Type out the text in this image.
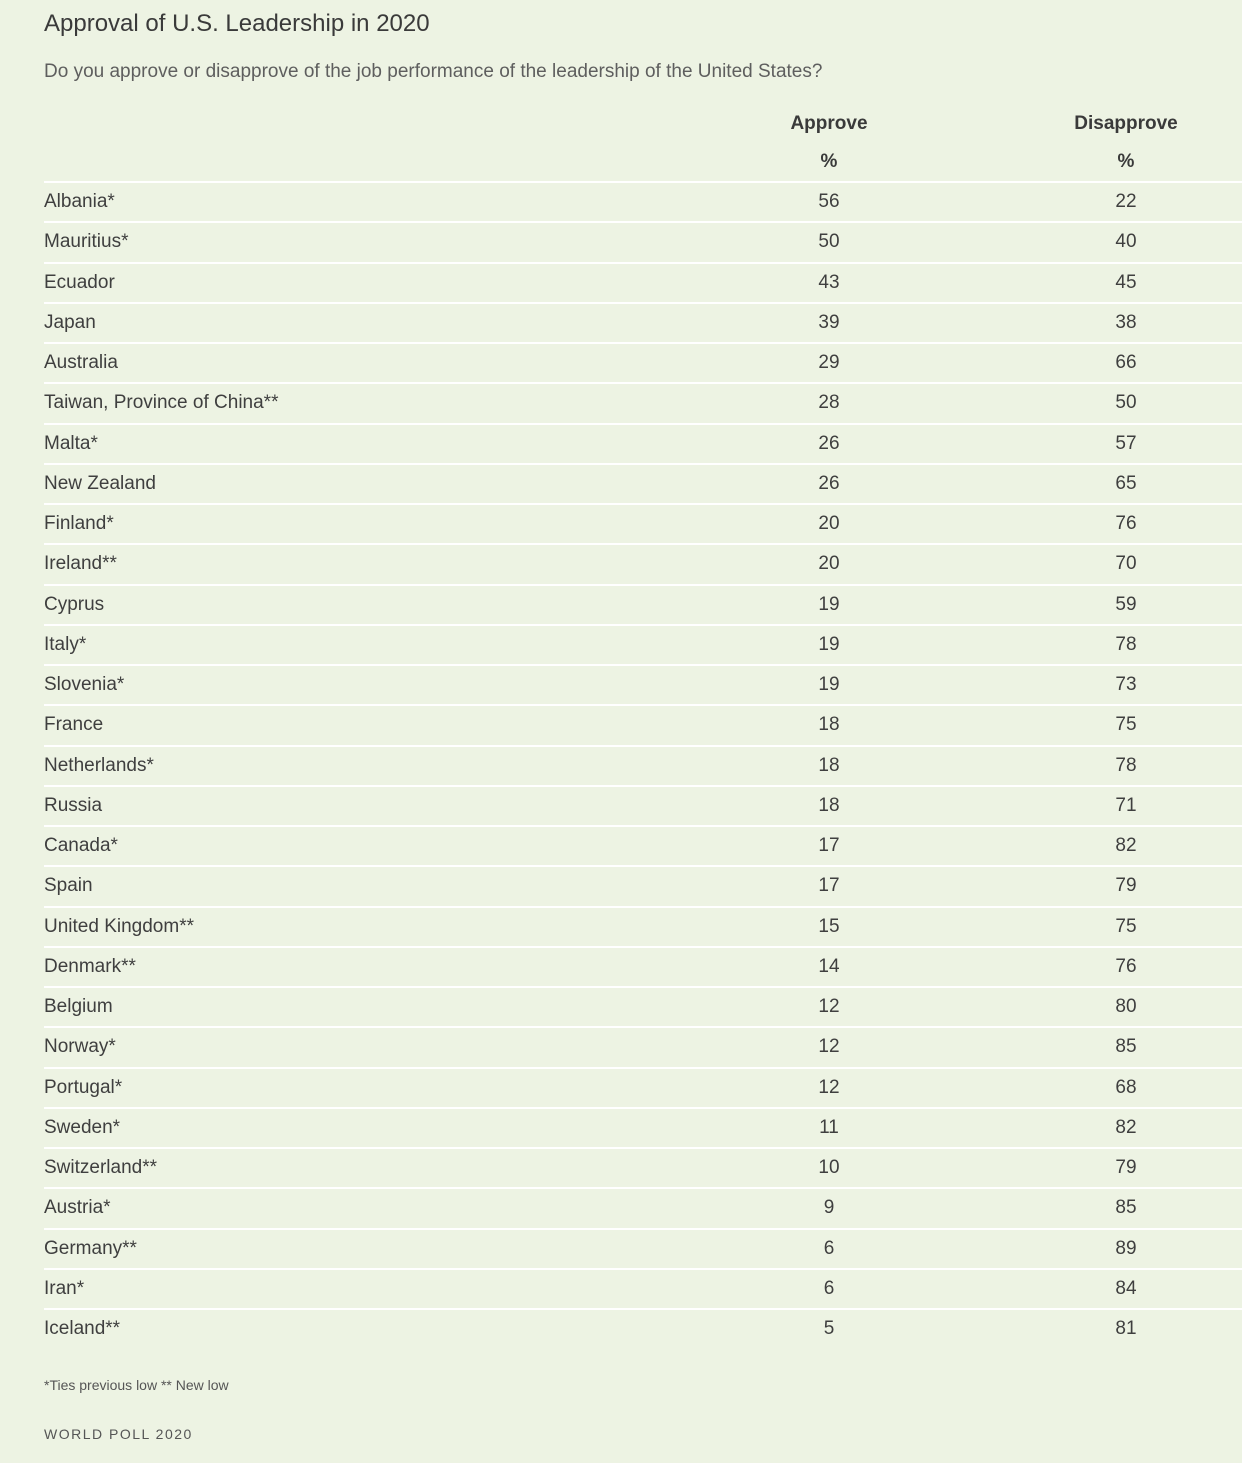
Approval of U.S. Leadership in 2020

Do you approve or disapprove of the job performance of the leadership of the United States?

Approve	Disapprove
%	%
Albania*	56	22
Mauritius*	50	40
Ecuador	43	45
Japan	39	38
Australia	29	66
Taiwan, Province of China**	28	50
Malta*	26	57
New Zealand	26	65
Finland*	20	76
Ireland**	20	70
Cyprus	19	59
Italy*	19	78
Slovenia*	19	73
France	18	75
Netherlands*	18	78
Russia	18	71
Canada*	17	82
Spain	17	79
United Kingdom**	15	75
Denmark**	14	76
Belgium	12	80
Norway*	12	85
Portugal*	12	68
Sweden*	11	82
Switzerland**	10	79
Austria*	9	85
Germany**	6	89
Iran*	6	84
Iceland**	5	81

*Ties previous low ** New low

WORLD POLL 2020
